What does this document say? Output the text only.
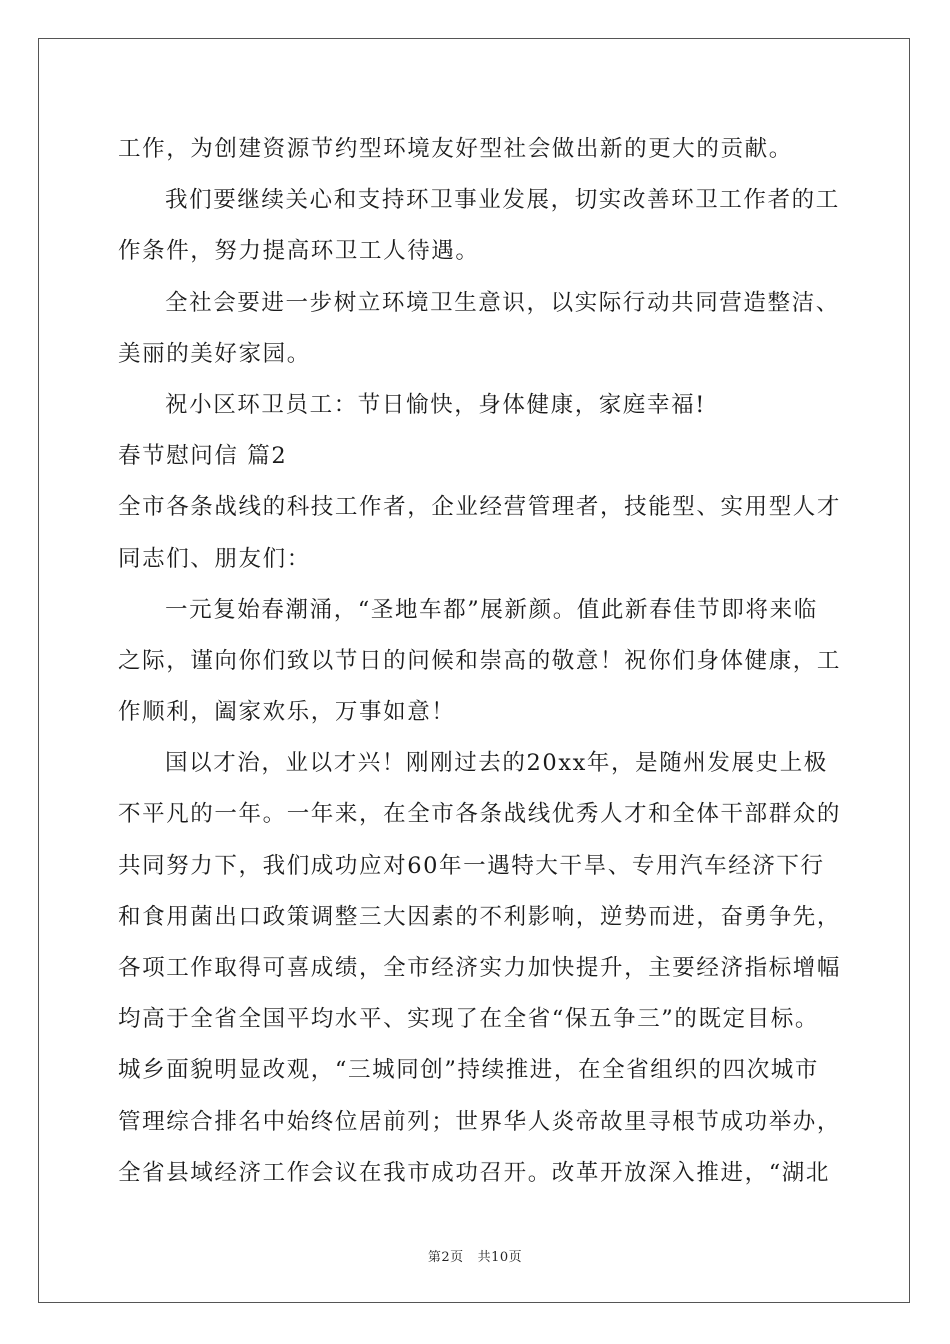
工作，为创建资源节约型环境友好型社会做出新的更大的贡献。
我们要继续关心和支持环卫事业发展，切实改善环卫工作者的工
作条件，努力提高环卫工人待遇。
全社会要进一步树立环境卫生意识，以实际行动共同营造整洁、
美丽的美好家园。
祝小区环卫员工：节日愉快，身体健康，家庭幸福!
春节慰问信 篇2
全市各条战线的科技工作者，企业经营管理者，技能型、实用型人才
同志们、朋友们：
一元复始春潮涌，“圣地车都”展新颜。值此新春佳节即将来临
之际，谨向你们致以节日的问候和崇高的敬意！祝你们身体健康，工
作顺利，阖家欢乐，万事如意！
国以才治，业以才兴！刚刚过去的20xx年，是随州发展史上极
不平凡的一年。一年来，在全市各条战线优秀人才和全体干部群众的
共同努力下，我们成功应对60年一遇特大干旱、专用汽车经济下行
和食用菌出口政策调整三大因素的不利影响，逆势而进，奋勇争先，
各项工作取得可喜成绩，全市经济实力加快提升，主要经济指标增幅
均高于全省全国平均水平、实现了在全省“保五争三”的既定目标。
城乡面貌明显改观，“三城同创”持续推进，在全省组织的四次城市
管理综合排名中始终位居前列；世界华人炎帝故里寻根节成功举办，
全省县域经济工作会议在我市成功召开。改革开放深入推进，“湖北
第2页 共10页
